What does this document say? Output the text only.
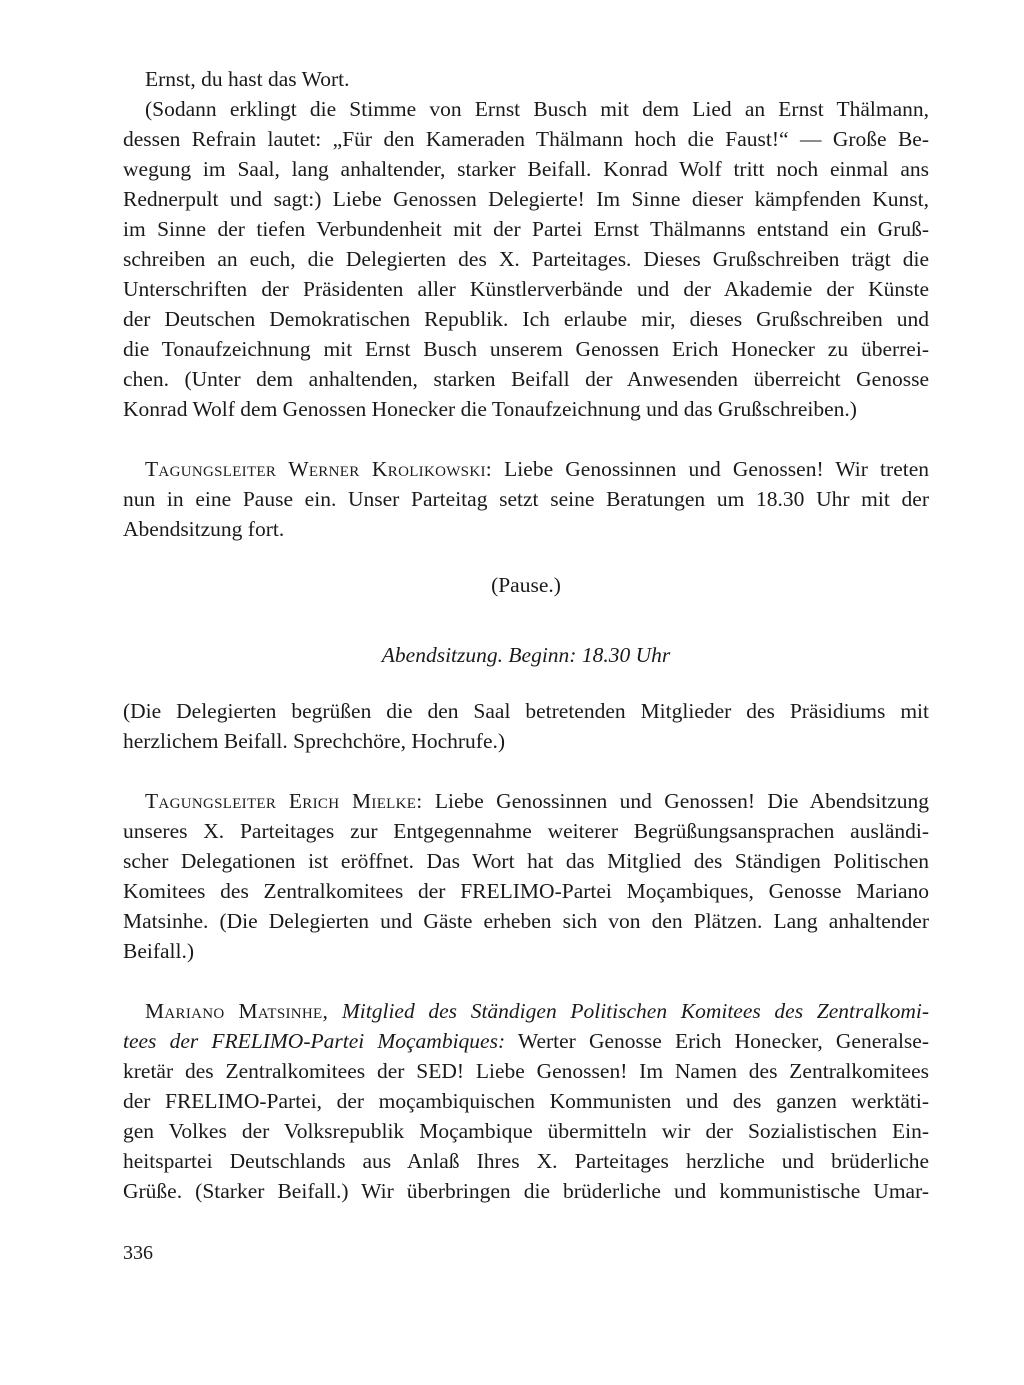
Ernst, du hast das Wort.
(Sodann erklingt die Stimme von Ernst Busch mit dem Lied an Ernst Thälmann,
dessen Refrain lautet: „Für den Kameraden Thälmann hoch die Faust!“ — Große Be-
wegung im Saal, lang anhaltender, starker Beifall. Konrad Wolf tritt noch einmal ans
Rednerpult und sagt:) Liebe Genossen Delegierte! Im Sinne dieser kämpfenden Kunst,
im Sinne der tiefen Verbundenheit mit der Partei Ernst Thälmanns entstand ein Gruß-
schreiben an euch, die Delegierten des X. Parteitages. Dieses Grußschreiben trägt die
Unterschriften der Präsidenten aller Künstlerverbände und der Akademie der Künste
der Deutschen Demokratischen Republik. Ich erlaube mir, dieses Grußschreiben und
die Tonaufzeichnung mit Ernst Busch unserem Genossen Erich Honecker zu überrei-
chen. (Unter dem anhaltenden, starken Beifall der Anwesenden überreicht Genosse
Konrad Wolf dem Genossen Honecker die Tonaufzeichnung und das Grußschreiben.)
Tagungsleiter Werner Krolikowski: Liebe Genossinnen und Genossen! Wir treten
nun in eine Pause ein. Unser Parteitag setzt seine Beratungen um 18.30 Uhr mit der
Abendsitzung fort.
(Pause.)
Abendsitzung. Beginn: 18.30 Uhr
(Die Delegierten begrüßen die den Saal betretenden Mitglieder des Präsidiums mit
herzlichem Beifall. Sprechchöre, Hochrufe.)
Tagungsleiter Erich Mielke: Liebe Genossinnen und Genossen! Die Abendsitzung
unseres X. Parteitages zur Entgegennahme weiterer Begrüßungsansprachen ausländi-
scher Delegationen ist eröffnet. Das Wort hat das Mitglied des Ständigen Politischen
Komitees des Zentralkomitees der FRELIMO-Partei Moçambiques, Genosse Mariano
Matsinhe. (Die Delegierten und Gäste erheben sich von den Plätzen. Lang anhaltender
Beifall.)
Mariano Matsinhe, Mitglied des Ständigen Politischen Komitees des Zentralkomi-
tees der FRELIMO-Partei Moçambiques: Werter Genosse Erich Honecker, Generalse-
kretär des Zentralkomitees der SED! Liebe Genossen! Im Namen des Zentralkomitees
der FRELIMO-Partei, der moçambiquischen Kommunisten und des ganzen werktäti-
gen Volkes der Volksrepublik Moçambique übermitteln wir der Sozialistischen Ein-
heitspartei Deutschlands aus Anlaß Ihres X. Parteitages herzliche und brüderliche
Grüße. (Starker Beifall.) Wir überbringen die brüderliche und kommunistische Umar-
336
